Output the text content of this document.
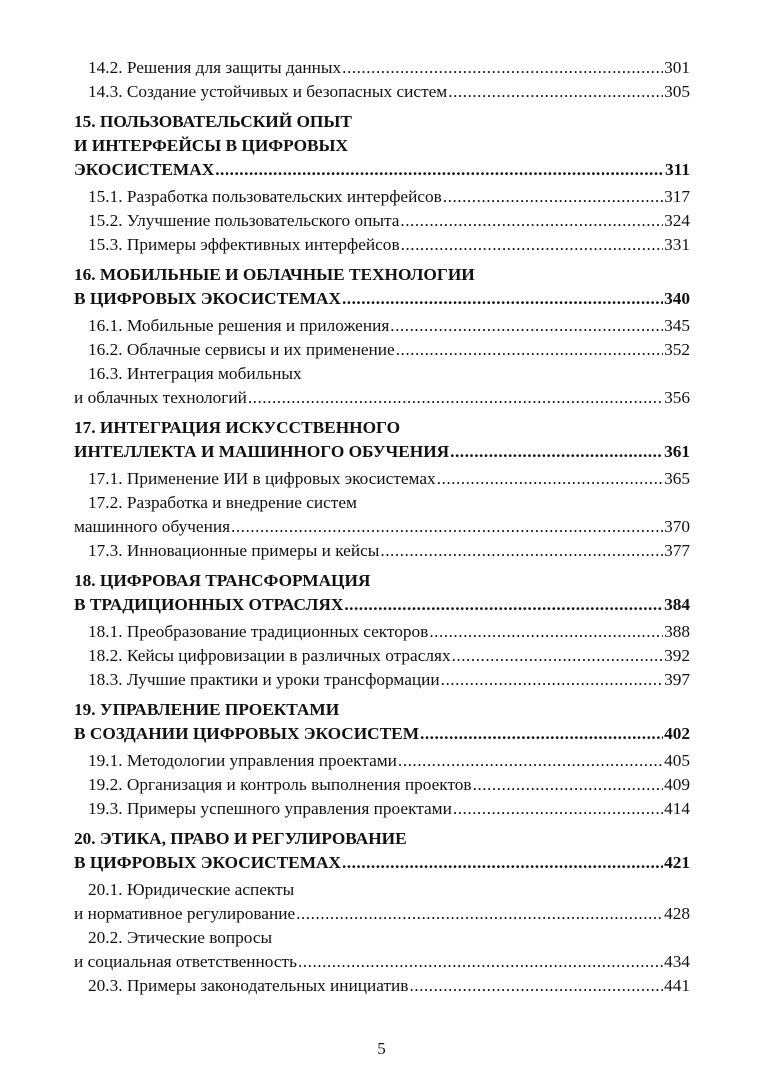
14.2. Решения для защиты данных .....	301
14.3. Создание устойчивых и безопасных систем .....	305
15. ПОЛЬЗОВАТЕЛЬСКИЙ ОПЫТ
И ИНТЕРФЕЙСЫ В ЦИФРОВЫХ
ЭКОСИСТЕМАХ .....	311
15.1. Разработка пользовательских интерфейсов .....	317
15.2. Улучшение пользовательского опыта .....	324
15.3. Примеры эффективных интерфейсов .....	331
16. МОБИЛЬНЫЕ И ОБЛАЧНЫЕ ТЕХНОЛОГИИ
В ЦИФРОВЫХ ЭКОСИСТЕМАХ .....	340
16.1. Мобильные решения и приложения .....	345
16.2. Облачные сервисы и их применение .....	352
16.3. Интеграция мобильных
и облачных технологий .....	356
17. ИНТЕГРАЦИЯ ИСКУССТВЕННОГО
ИНТЕЛЛЕКТА И МАШИННОГО ОБУЧЕНИЯ .....	361
17.1. Применение ИИ в цифровых экосистемах .....	365
17.2. Разработка и внедрение систем
машинного обучения .....	370
17.3. Инновационные примеры и кейсы .....	377
18. ЦИФРОВАЯ ТРАНСФОРМАЦИЯ
В ТРАДИЦИОННЫХ ОТРАСЛЯХ .....	384
18.1. Преобразование традиционных секторов .....	388
18.2. Кейсы цифровизации в различных отраслях .....	392
18.3. Лучшие практики и уроки трансформации .....	397
19. УПРАВЛЕНИЕ ПРОЕКТАМИ
В СОЗДАНИИ ЦИФРОВЫХ ЭКОСИСТЕМ .....	402
19.1. Методологии управления проектами .....	405
19.2. Организация и контроль выполнения проектов .....	409
19.3. Примеры успешного управления проектами .....	414
20. ЭТИКА, ПРАВО И РЕГУЛИРОВАНИЕ
В ЦИФРОВЫХ ЭКОСИСТЕМАХ .....	421
20.1. Юридические аспекты
и нормативное регулирование .....	428
20.2. Этические вопросы
и социальная ответственность .....	434
20.3. Примеры законодательных инициатив .....	441
5
